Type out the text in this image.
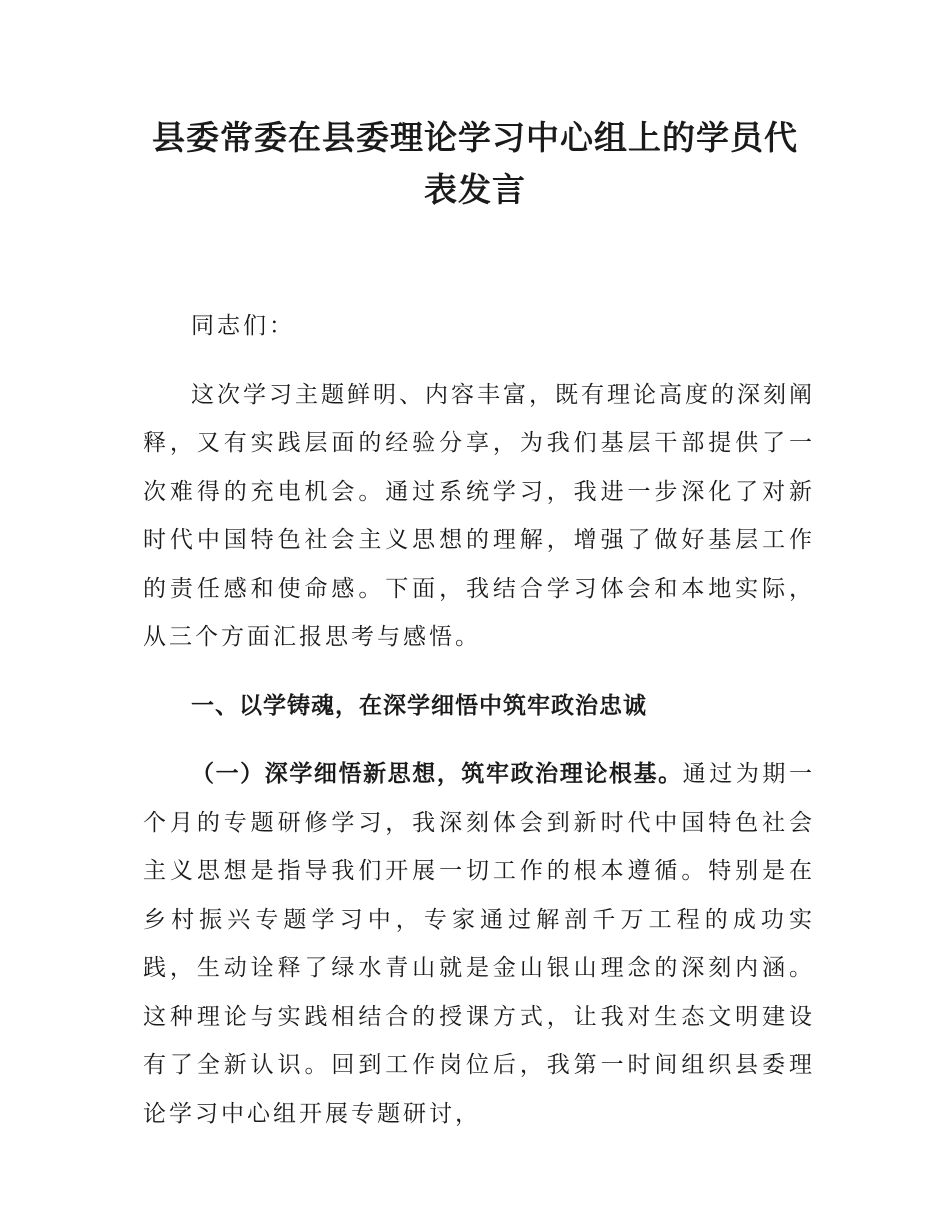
县委常委在县委理论学习中心组上的学员代
表发言

同志们：

这次学习主题鲜明、内容丰富，既有理论高度的深刻阐释，又有实践层面的经验分享，为我们基层干部提供了一次难得的充电机会。通过系统学习，我进一步深化了对新时代中国特色社会主义思想的理解，增强了做好基层工作的责任感和使命感。下面，我结合学习体会和本地实际，从三个方面汇报思考与感悟。

一、以学铸魂，在深学细悟中筑牢政治忠诚

（一）深学细悟新思想，筑牢政治理论根基。通过为期一个月的专题研修学习，我深刻体会到新时代中国特色社会主义思想是指导我们开展一切工作的根本遵循。特别是在乡村振兴专题学习中，专家通过解剖千万工程的成功实践，生动诠释了绿水青山就是金山银山理念的深刻内涵。这种理论与实践相结合的授课方式，让我对生态文明建设有了全新认识。回到工作岗位后，我第一时间组织县委理论学习中心组开展专题研讨，
